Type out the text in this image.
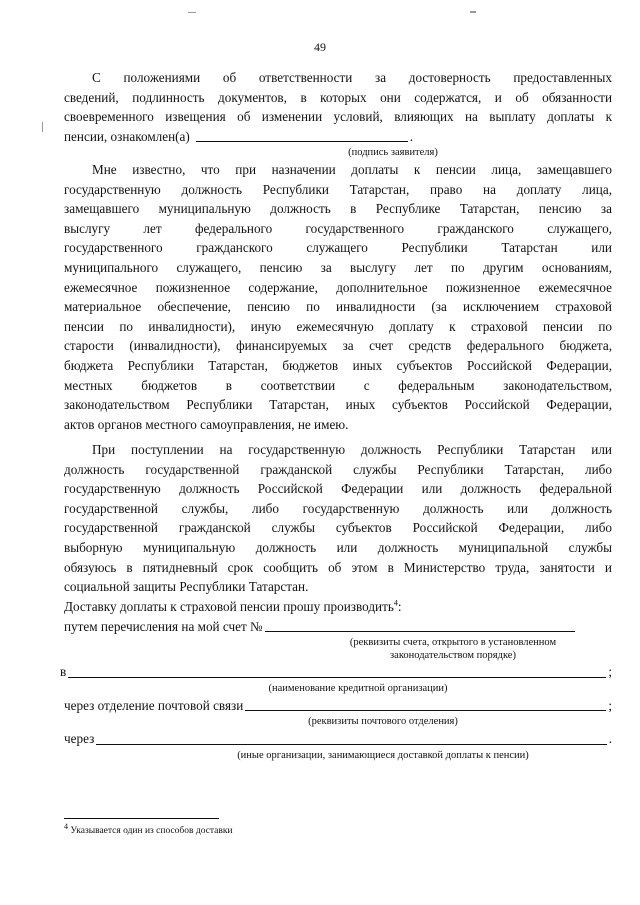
49
С положениями об ответственности за достоверность предоставленных
сведений, подлинность документов, в которых они содержатся, и об обязанности
своевременного извещения об изменении условий, влияющих на выплату доплаты к
пенсии, ознакомлен(а)	.
(подпись заявителя)
Мне известно, что при назначении доплаты к пенсии лица, замещавшего
государственную должность Республики Татарстан, право на доплату лица,
замещавшего муниципальную должность в Республике Татарстан, пенсию за
выслугу лет федерального государственного гражданского служащего,
государственного гражданского служащего Республики Татарстан или
муниципального служащего, пенсию за выслугу лет по другим основаниям,
ежемесячное пожизненное содержание, дополнительное пожизненное ежемесячное
материальное обеспечение, пенсию по инвалидности (за исключением страховой
пенсии по инвалидности), иную ежемесячную доплату к страховой пенсии по
старости (инвалидности), финансируемых за счет средств федерального бюджета,
бюджета Республики Татарстан, бюджетов иных субъектов Российской Федерации,
местных бюджетов в соответствии с федеральным законодательством,
законодательством Республики Татарстан, иных субъектов Российской Федерации,
актов органов местного самоуправления, не имею.
При поступлении на государственную должность Республики Татарстан или
должность государственной гражданской службы Республики Татарстан, либо
государственную должность Российской Федерации или должность федеральной
государственной службы, либо государственную должность или должность
государственной гражданской службы субъектов Российской Федерации, либо
выборную муниципальную должность или должность муниципальной службы
обязуюсь в пятидневный срок сообщить об этом в Министерство труда, занятости и
социальной защиты Республики Татарстан.
Доставку доплаты к страховой пенсии прошу производить$^4$:
путем перечисления на мой счет №
(реквизиты счета, открытого в установленном
законодательством порядке)
в	;
(наименование кредитной организации)
через отделение почтовой связи	;
(реквизиты почтового отделения)
через	.
(иные организации, занимающиеся доставкой доплаты к пенсии)
$^4$ Указывается один из способов доставки
